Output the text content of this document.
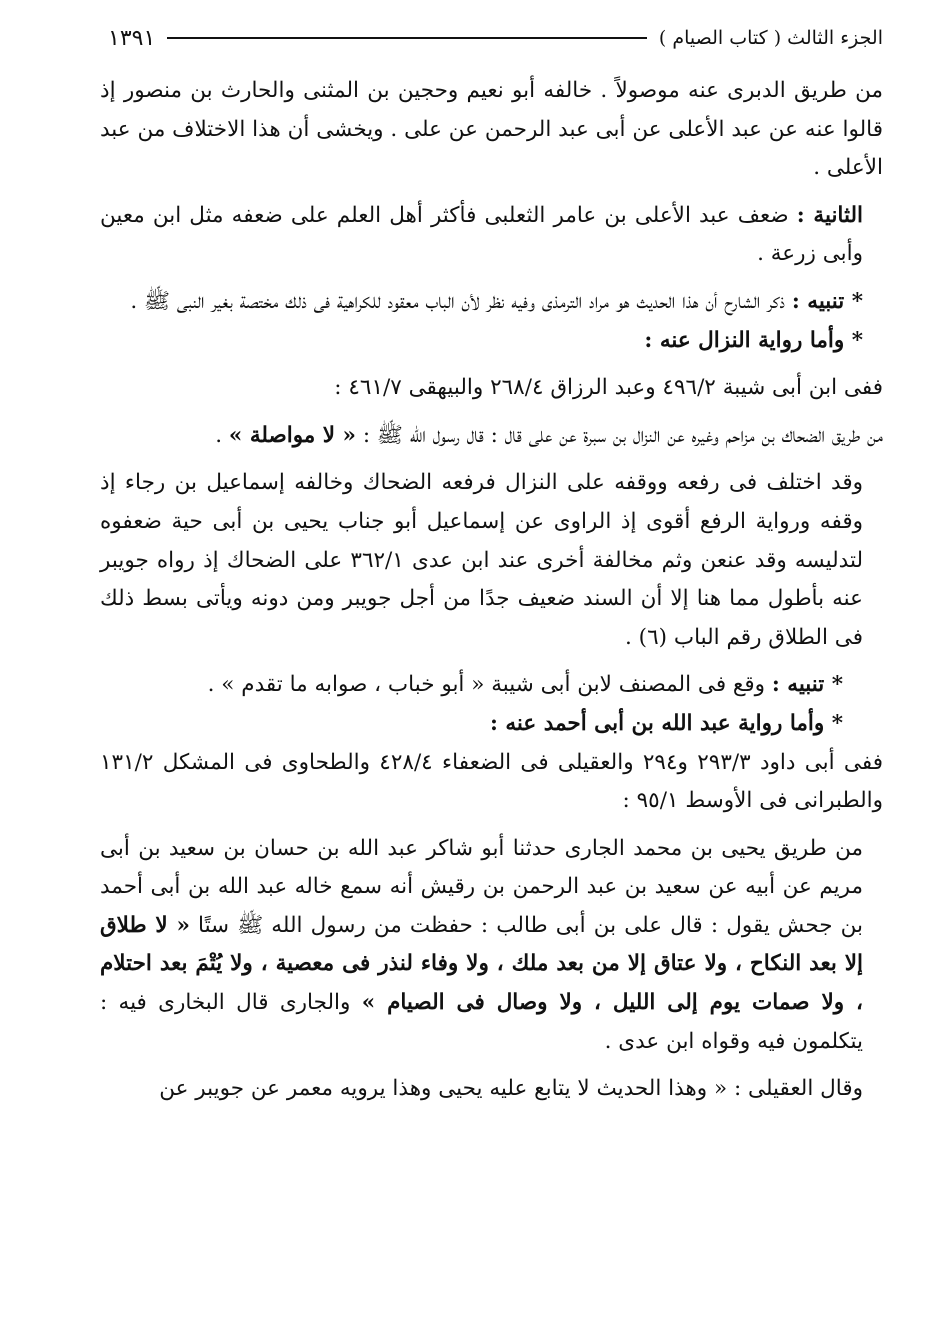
الجزء الثالث ( كتاب الصيام )
١٣٩١

من طريق الدبرى عنه موصولاً . خالفه أبو نعيم وحجين بن المثنى والحارث بن منصور إذ قالوا عنه عن عبد الأعلى عن أبى عبد الرحمن عن على . ويخشى أن هذا الاختلاف من عبد الأعلى .

الثانية : ضعف عبد الأعلى بن عامر الثعلبى فأكثر أهل العلم على ضعفه مثل ابن معين وأبى زرعة .

* تنبيه : ذكر الشارح أن هذا الحديث هو مراد الترمذى وفيه نظر لأن الباب معقود للكراهية فى ذلك مختصة بغير النبى ﷺ .

* وأما رواية النزال عنه :

ففى ابن أبى شيبة ٤٩٦/٢ وعبد الرزاق ٢٦٨/٤ والبيهقى ٤٦١/٧ :

من طريق الضحاك بن مزاحم وغيره عن النزال بن سبرة عن على قال : قال رسول الله ﷺ : « لا مواصلة » .

وقد اختلف فى رفعه ووقفه على النزال فرفعه الضحاك وخالفه إسماعيل بن رجاء إذ وقفه ورواية الرفع أقوى إذ الراوى عن إسماعيل أبو جناب يحيى بن أبى حية ضعفوه لتدليسه وقد عنعن وثم مخالفة أخرى عند ابن عدى ٣٦٢/١ على الضحاك إذ رواه جويبر عنه بأطول مما هنا إلا أن السند ضعيف جدًا من أجل جويبر ومن دونه ويأتى بسط ذلك فى الطلاق رقم الباب (٦) .

* تنبيه : وقع فى المصنف لابن أبى شيبة « أبو خباب ، صوابه ما تقدم » .

* وأما رواية عبد الله بن أبى أحمد عنه :

ففى أبى داود ٢٩٣/٣ و٢٩٤ والعقيلى فى الضعفاء ٤٢٨/٤ والطحاوى فى المشكل ١٣١/٢ والطبرانى فى الأوسط ٩٥/١ :

من طريق يحيى بن محمد الجارى حدثنا أبو شاكر عبد الله بن حسان بن سعيد بن أبى مريم عن أبيه عن سعيد بن عبد الرحمن بن رقيش أنه سمع خاله عبد الله بن أبى أحمد بن جحش يقول : قال على بن أبى طالب : حفظت من رسول الله ﷺ ستًا « لا طلاق إلا بعد النكاح ، ولا عتاق إلا من بعد ملك ، ولا وفاء لنذر فى معصية ، ولا يُتْمَ بعد احتلام ، ولا صمات يوم إلى الليل ، ولا وصال فى الصيام » والجارى قال البخارى فيه : يتكلمون فيه وقواه ابن عدى .

وقال العقيلى : « وهذا الحديث لا يتابع عليه يحيى وهذا يرويه معمر عن جويبر عن
